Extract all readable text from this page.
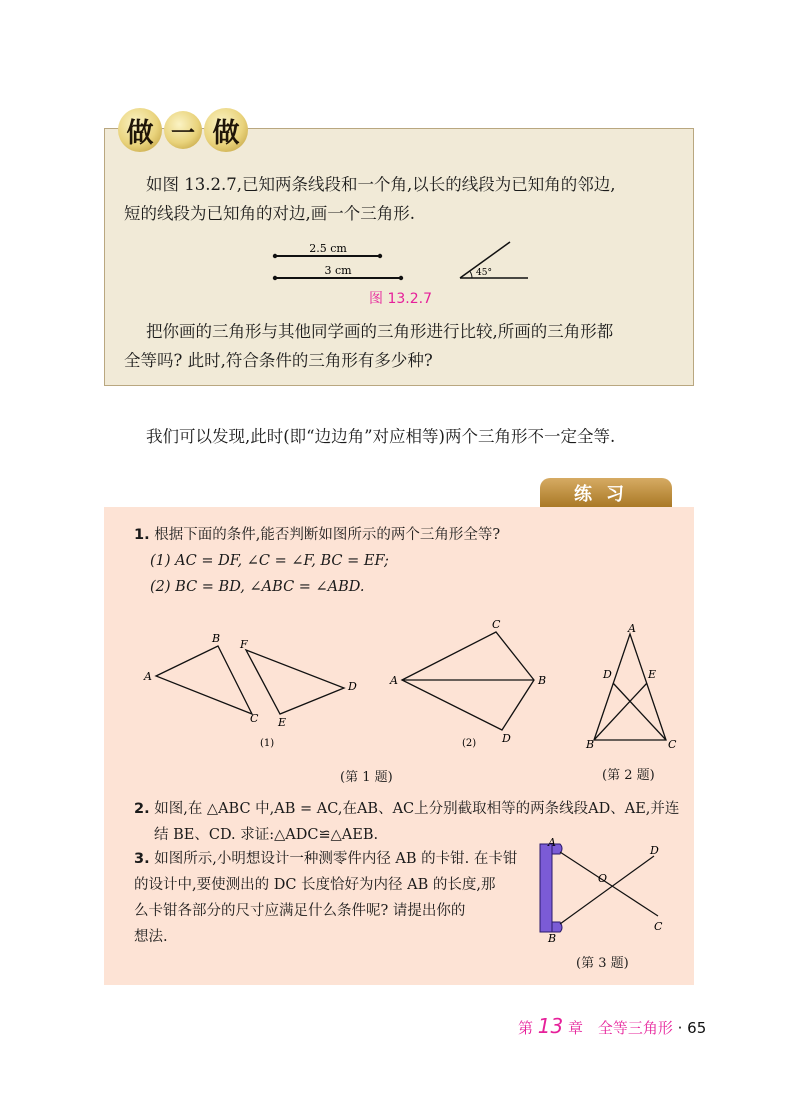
做 一 做
如图 13.2.7,已知两条线段和一个角,以长的线段为已知角的邻边,
短的线段为已知角的对边,画一个三角形.
2.5 cm
3 cm	45°
图 13.2.7
把你画的三角形与其他同学画的三角形进行比较,所画的三角形都
全等吗? 此时,符合条件的三角形有多少种?
我们可以发现,此时(即“边边角”对应相等)两个三角形不一定全等.
练习
1. 根据下面的条件,能否判断如图所示的两个三角形全等?
(1) AC = DF, ∠C = ∠F, BC = EF;
(2) BC = BD, ∠ABC = ∠ABD.
A
B
C
F
D
E
(1)
A
C
B
D
(2)
(第 1 题)
A
D	E
B	C
(第 2 题)
2. 如图,在 △ABC 中,AB = AC,在AB、AC上分别截取相等的两条线段AD、AE,并连
结 BE、CD. 求证:△ADC≌△AEB.
3. 如图所示,小明想设计一种测零件内径 AB 的卡钳. 在卡钳
的设计中,要使测出的 DC 长度恰好为内径 AB 的长度,那
么卡钳各部分的尺寸应满足什么条件呢? 请提出你的
想法.
A
B
D
C
O
(第 3 题)
第 13 章 全等三角形 · 65
